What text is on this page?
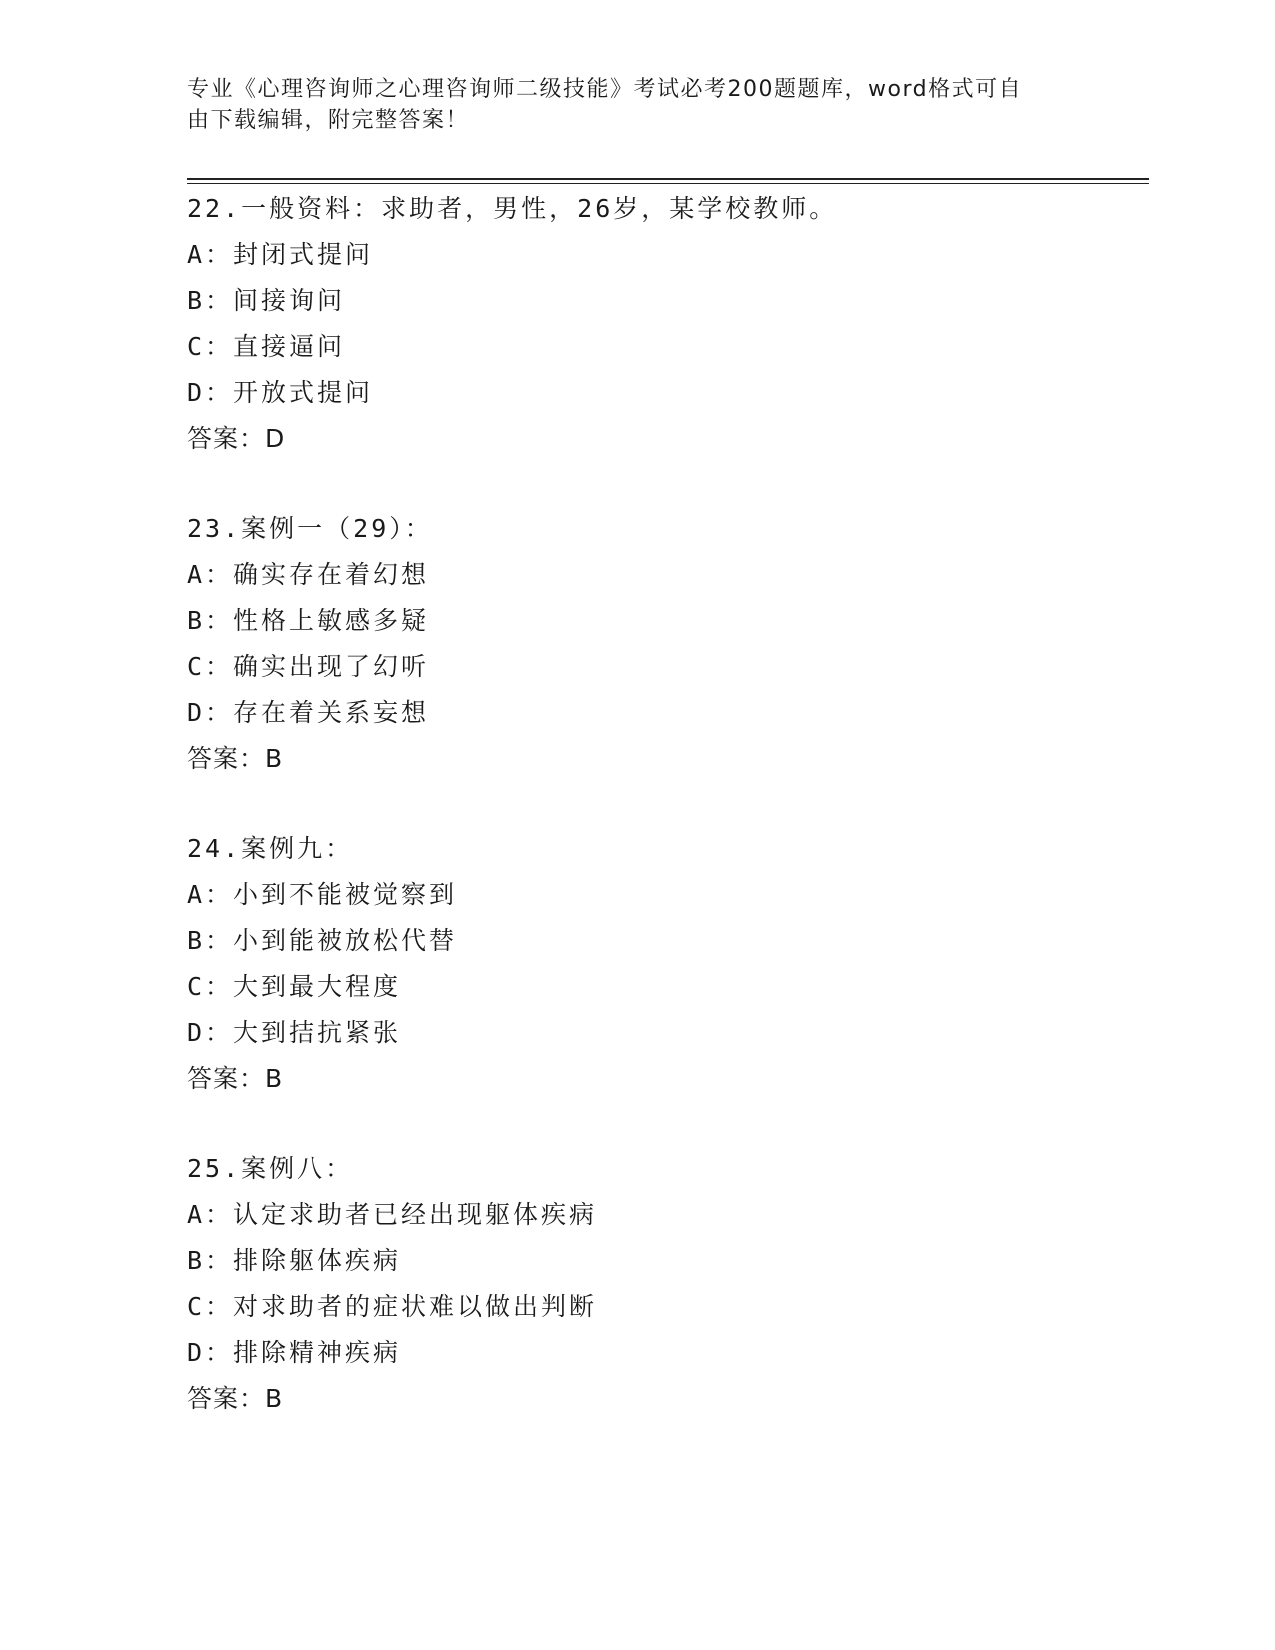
专业《心理咨询师之心理咨询师二级技能》考试必考200题题库，word格式可自
由下载编辑，附完整答案！
22.一般资料：求助者，男性，26岁，某学校教师。
A：封闭式提问
B：间接询问
C：直接逼问
D：开放式提问
答案：D
23.案例一（29）：
A：确实存在着幻想
B：性格上敏感多疑
C：确实出现了幻听
D：存在着关系妄想
答案：B
24.案例九：
A：小到不能被觉察到
B：小到能被放松代替
C：大到最大程度
D：大到拮抗紧张
答案：B
25.案例八：
A：认定求助者已经出现躯体疾病
B：排除躯体疾病
C：对求助者的症状难以做出判断
D：排除精神疾病
答案：B
